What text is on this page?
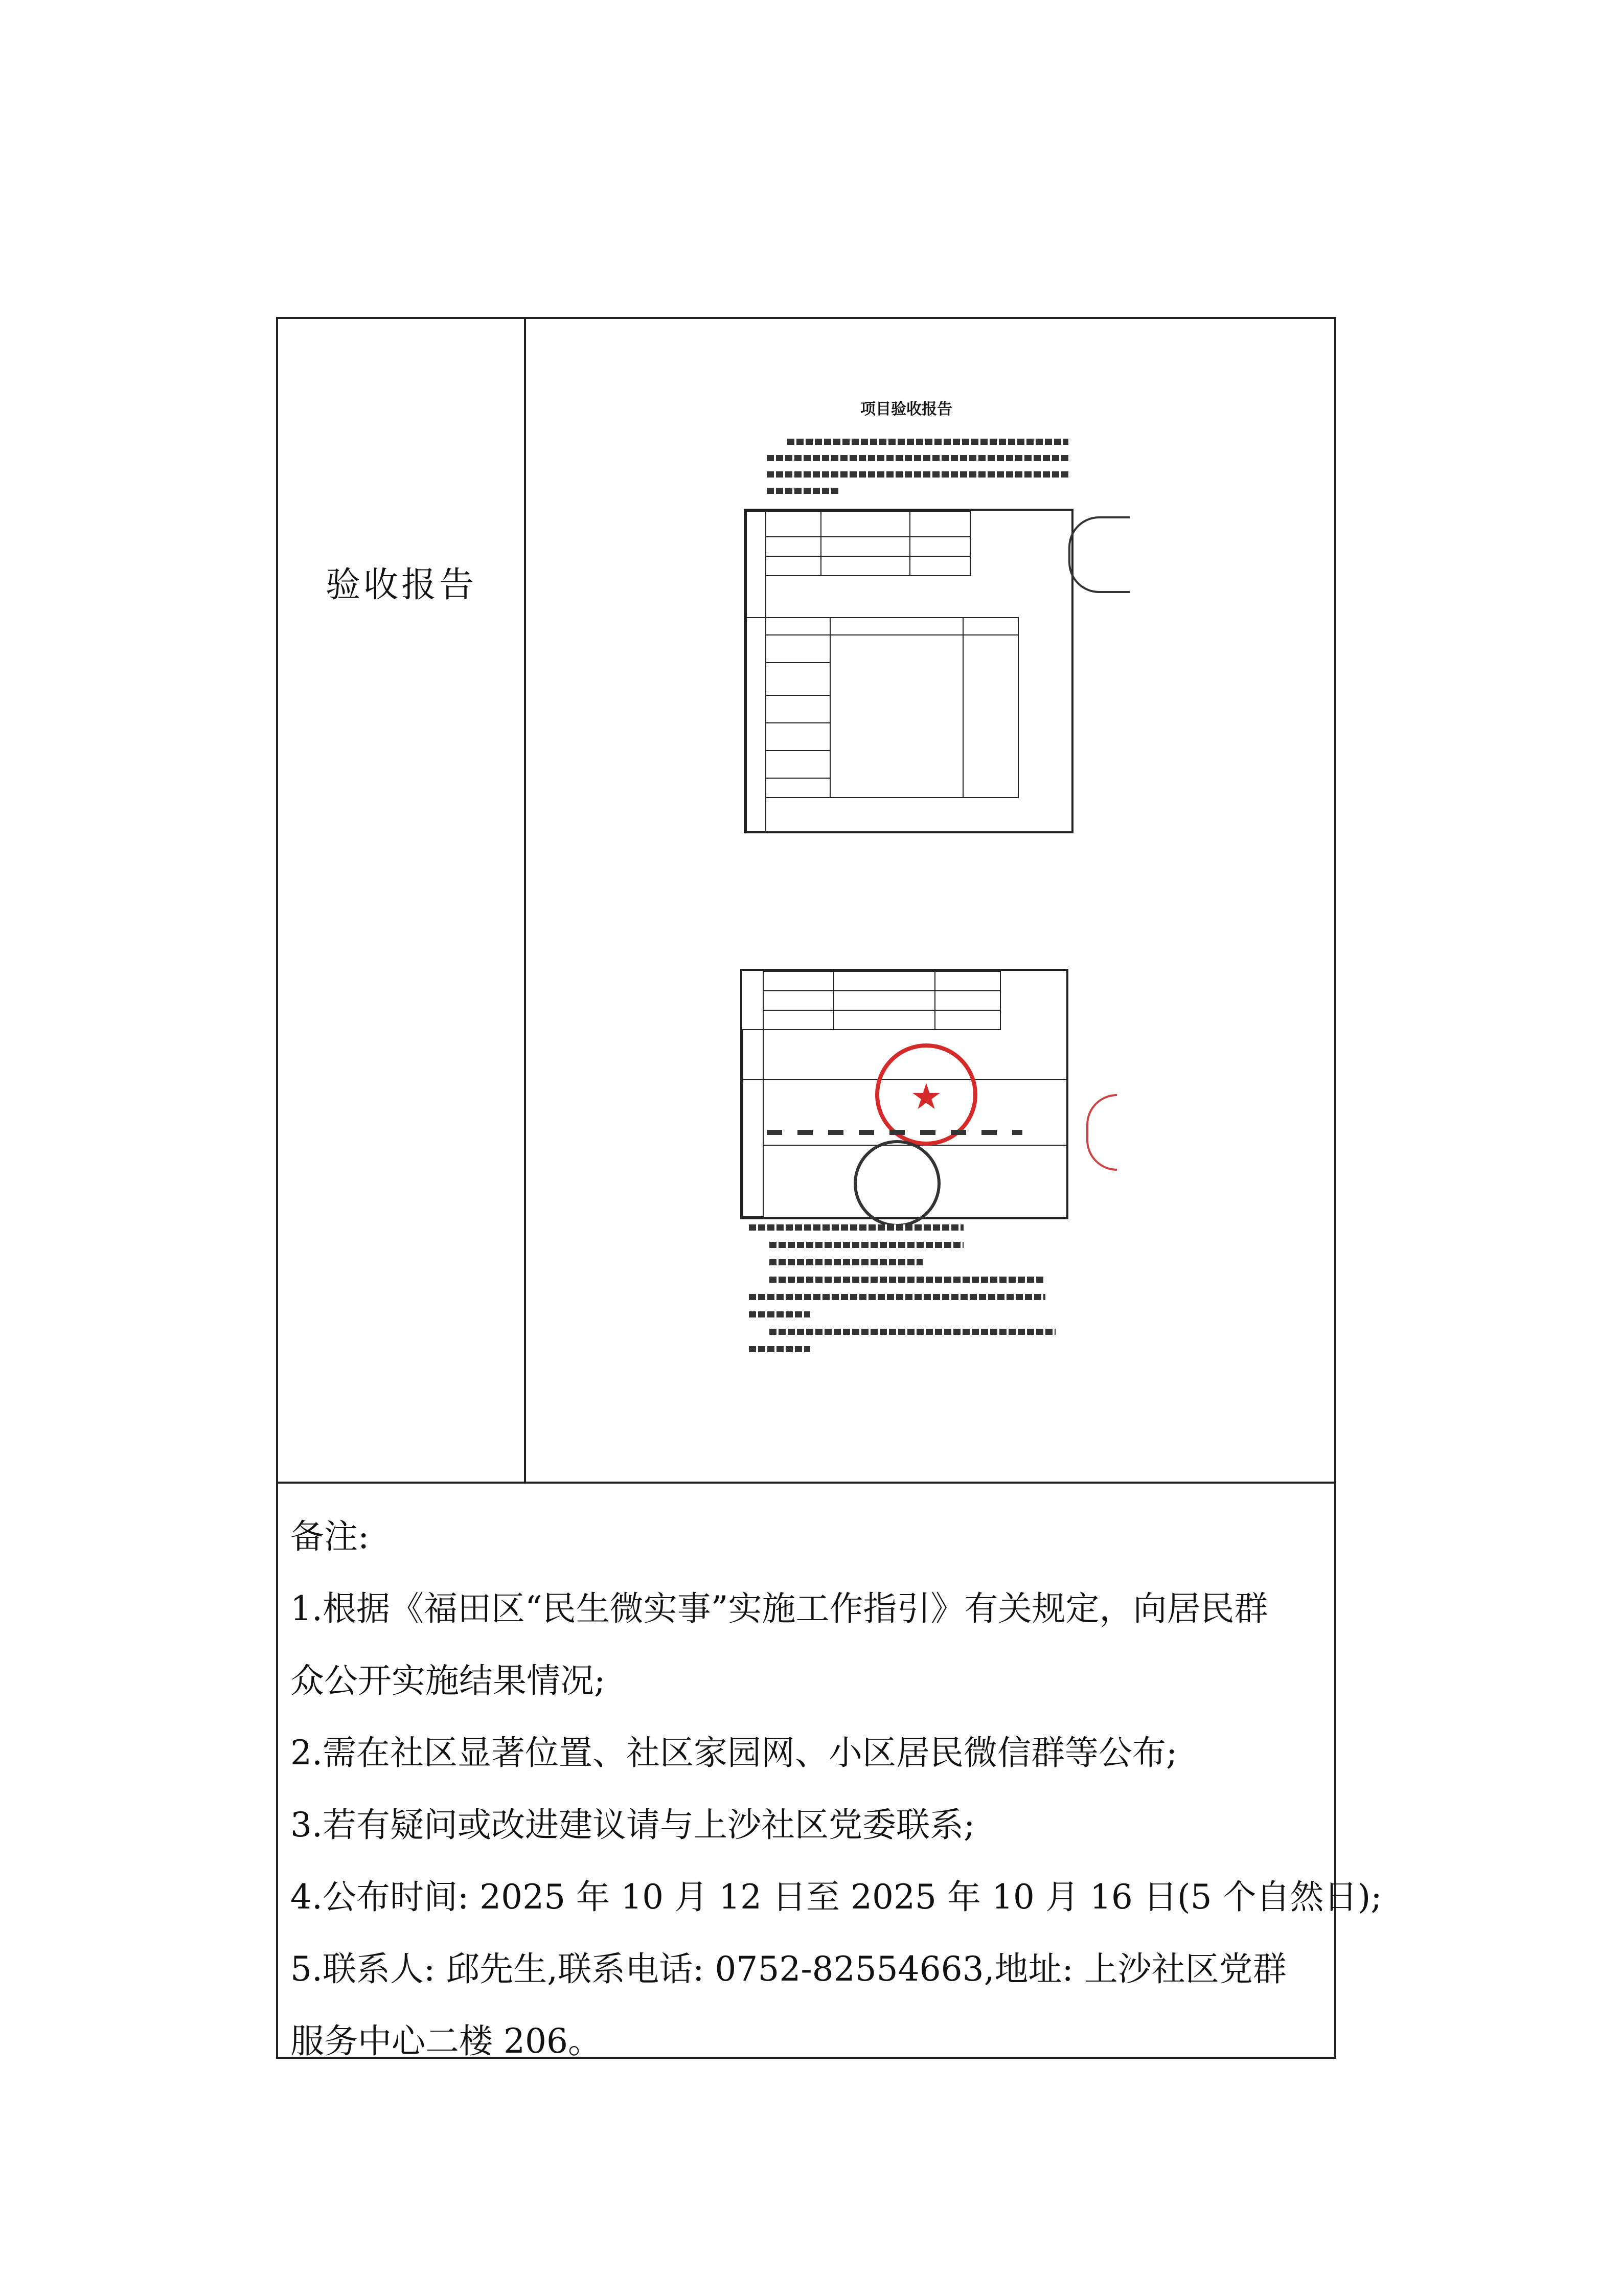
验收报告
项目验收报告
★
备注:
1.根据《福田区“民生微实事”实施工作指引》有关规定，向居民群
众公开实施结果情况;
2.需在社区显著位置、社区家园网、小区居民微信群等公布;
3.若有疑问或改进建议请与上沙社区党委联系;
4.公布时间: 2025 年 10 月 12 日至 2025 年 10 月 16 日(5 个自然日);
5.联系人: 邱先生,联系电话: 0752-82554663,地址: 上沙社区党群
服务中心二楼 206。
